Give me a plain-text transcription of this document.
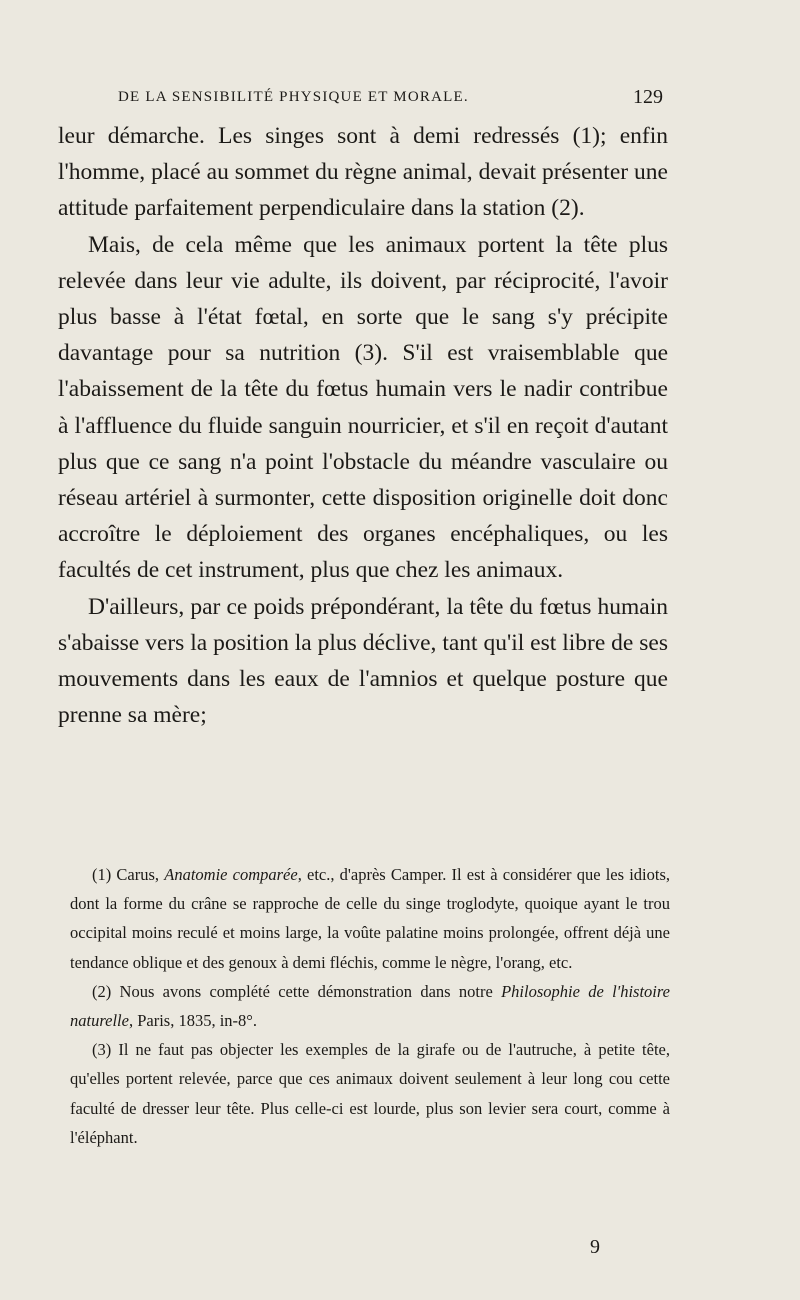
DE LA SENSIBILITÉ PHYSIQUE ET MORALE.	129

leur démarche. Les singes sont à demi redressés (1); enfin l'homme, placé au sommet du règne animal, devait présenter une attitude parfaitement perpendiculaire dans la station (2).

Mais, de cela même que les animaux portent la tête plus relevée dans leur vie adulte, ils doivent, par réciprocité, l'avoir plus basse à l'état fœtal, en sorte que le sang s'y précipite davantage pour sa nutrition (3). S'il est vraisemblable que l'abaissement de la tête du fœtus humain vers le nadir contribue à l'affluence du fluide sanguin nourricier, et s'il en reçoit d'autant plus que ce sang n'a point l'obstacle du méandre vasculaire ou réseau artériel à surmonter, cette disposition originelle doit donc accroître le déploiement des organes encéphaliques, ou les facultés de cet instrument, plus que chez les animaux.

D'ailleurs, par ce poids prépondérant, la tête du fœtus humain s'abaisse vers la position la plus déclive, tant qu'il est libre de ses mouvements dans les eaux de l'amnios et quelque posture que prenne sa mère;

(1) Carus, Anatomie comparée, etc., d'après Camper. Il est à considérer que les idiots, dont la forme du crâne se rapproche de celle du singe troglodyte, quoique ayant le trou occipital moins reculé et moins large, la voûte palatine moins prolongée, offrent déjà une tendance oblique et des genoux à demi fléchis, comme le nègre, l'orang, etc.

(2) Nous avons complété cette démonstration dans notre Philosophie de l'histoire naturelle, Paris, 1835, in-8°.

(3) Il ne faut pas objecter les exemples de la girafe ou de l'autruche, à petite tête, qu'elles portent relevée, parce que ces animaux doivent seulement à leur long cou cette faculté de dresser leur tête. Plus celle-ci est lourde, plus son levier sera court, comme à l'éléphant.

9
